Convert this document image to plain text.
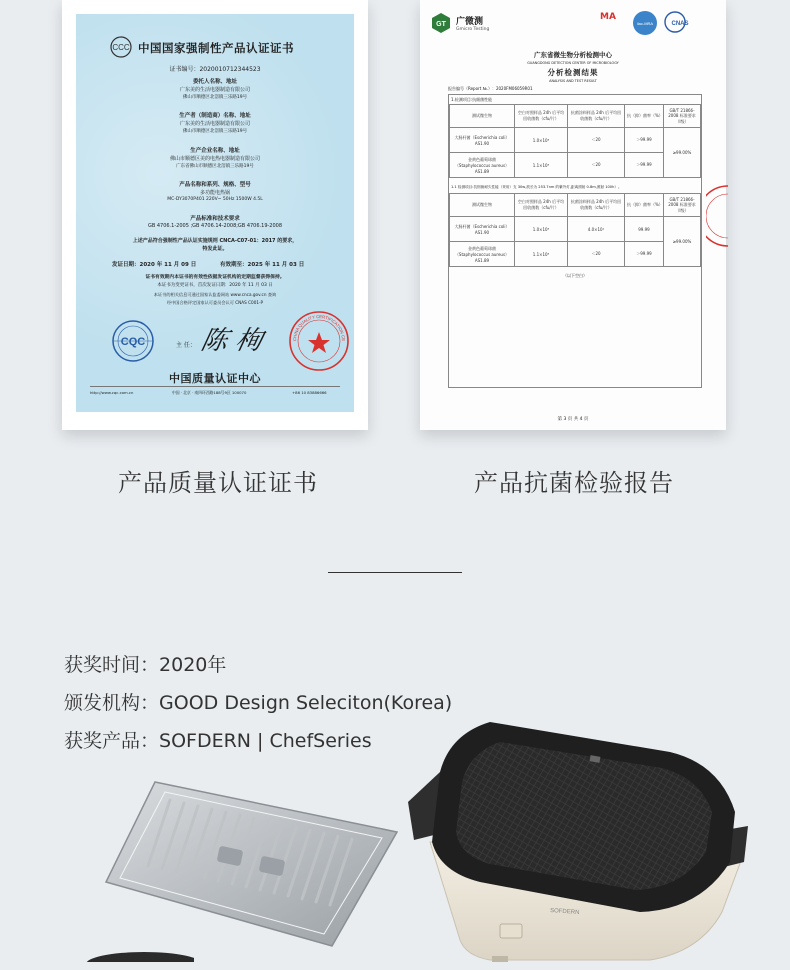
CCC 中国国家强制性产品认证证书
证书编号：2020010712344523
委托人名称、地址
广东美的生活电器制造有限公司
佛山市顺德区北滘镇三乐路19号
生产者（制造商）名称、地址
广东美的生活电器制造有限公司
佛山市顺德区北滘镇三乐路19号
生产企业名称、地址
佛山市顺德区美的电热电器制造有限公司
广东省佛山市顺德区北滘镇三乐路19号
产品名称和系列、规格、型号
多功能电热锅
MC-DY3070P401 220V~ 50Hz 1500W 4.5L
产品标准和技术要求
GB 4706.1-2005 ;GB 4706.14-2008;GB 4706.19-2008
上述产品符合强制性产品认证实施规则 CNCA-C07-01：2017 的要求，
特发此证。
发证日期：2020 年 11 月 09 日	有效期至：2025 年 11 月 03 日
证书有效期内本证书的有效性依据发证机构的定期监督获得保持。
本证书为变更证书，首次发证日期：2020 年 11 月 03 日
本证书的相关信息可通过国家认监委网站 www.cnca.gov.cn 查询
经中国合格评定国家认可委员会认可 CNAS C001-P
CQC	主 任： 陈 栒	CHINA QUALITY CERTIFICATION CE
中国质量认证中心
http://www.cqc.com.cn	中国 · 北京 · 南四环西路188号9区 100070	+86 10 83886666
GT 广微测
Gmicro Testing
MA
ilac-MRA	CNAS
广东省微生物分析检测中心
GUANGDONG DETECTION CENTER OF MICROBIOLOGY
分析检测结果
ANALYSIS AND TEST RESULT
报告编号（Report №.）：2020FM06059R01
1.检测项目:抗细菌性能
测试微生物	空白对照样品 24h 后平均回收菌数（cfu/片）	抗菌涂料样品 24h 后平均回收菌数（cfu/片）	抗（抑）菌率（%）	GB/T 21866-2008 标准要求（I级）
大肠杆菌（Escherichia coli）AS1.90	1.0×10⁵	＜20	＞99.99	≥99.00%
金黄色葡萄球菌（Staphylococcus aureus）AS1.89	1.1×10⁵	＜20	＞99.99	
1.1 检测项目:抗细菌耐久性能（采用）支 30w,波长为 253.7nm 的紫外灯,距离照射 0.8m,照射 100h）。
测试微生物	空白对照样品 24h 后平均回收菌数（cfu/片）	抗菌涂料样品 24h 后平均回收菌数（cfu/片）	抗（抑）菌率（%）	GB/T 21866-2008 标准要求（I级）
大肠杆菌（Escherichia coli）AS1.90	1.0×10⁵	4.0×10¹	99.99	≥99.00%
金黄色葡萄球菌（Staphylococcus aureus）AS1.89	1.1×10⁵	＜20	＞99.99	
（以下空白）
第 3 页 共 4 页
产品质量认证证书	产品抗菌检验报告
获奖时间：2020年
颁发机构：GOOD Design Seleciton(Korea)
获奖产品：SOFDERN | ChefSeries
SOFDERN
